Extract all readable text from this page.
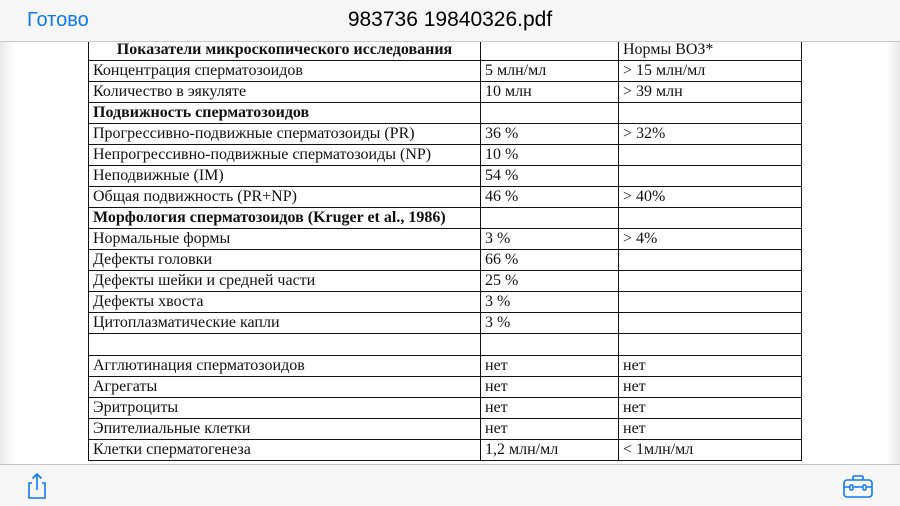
Готово	983736 19840326.pdf
Показатели микроскопического исследования		Нормы ВОЗ*
Концентрация сперматозоидов	5 млн/мл	> 15 млн/мл
Количество в эякуляте	10 млн	> 39 млн
Подвижность сперматозоидов		
Прогрессивно-подвижные сперматозоиды (PR)	36 %	> 32%
Непрогрессивно-подвижные сперматозоиды (NP)	10 %	
Неподвижные (IM)	54 %	
Общая подвижность (PR+NP)	46 %	> 40%
Морфология сперматозоидов (Kruger et al., 1986)		
Нормальные формы	3 %	> 4%
Дефекты головки	66 %	
Дефекты шейки и средней части	25 %	
Дефекты хвоста	3 %	
Цитоплазматические капли	3 %	

Агглютинация сперматозоидов	нет	нет
Агрегаты	нет	нет
Эритроциты	нет	нет
Эпителиальные клетки	нет	нет
Клетки сперматогенеза	1,2 млн/мл	< 1млн/мл
